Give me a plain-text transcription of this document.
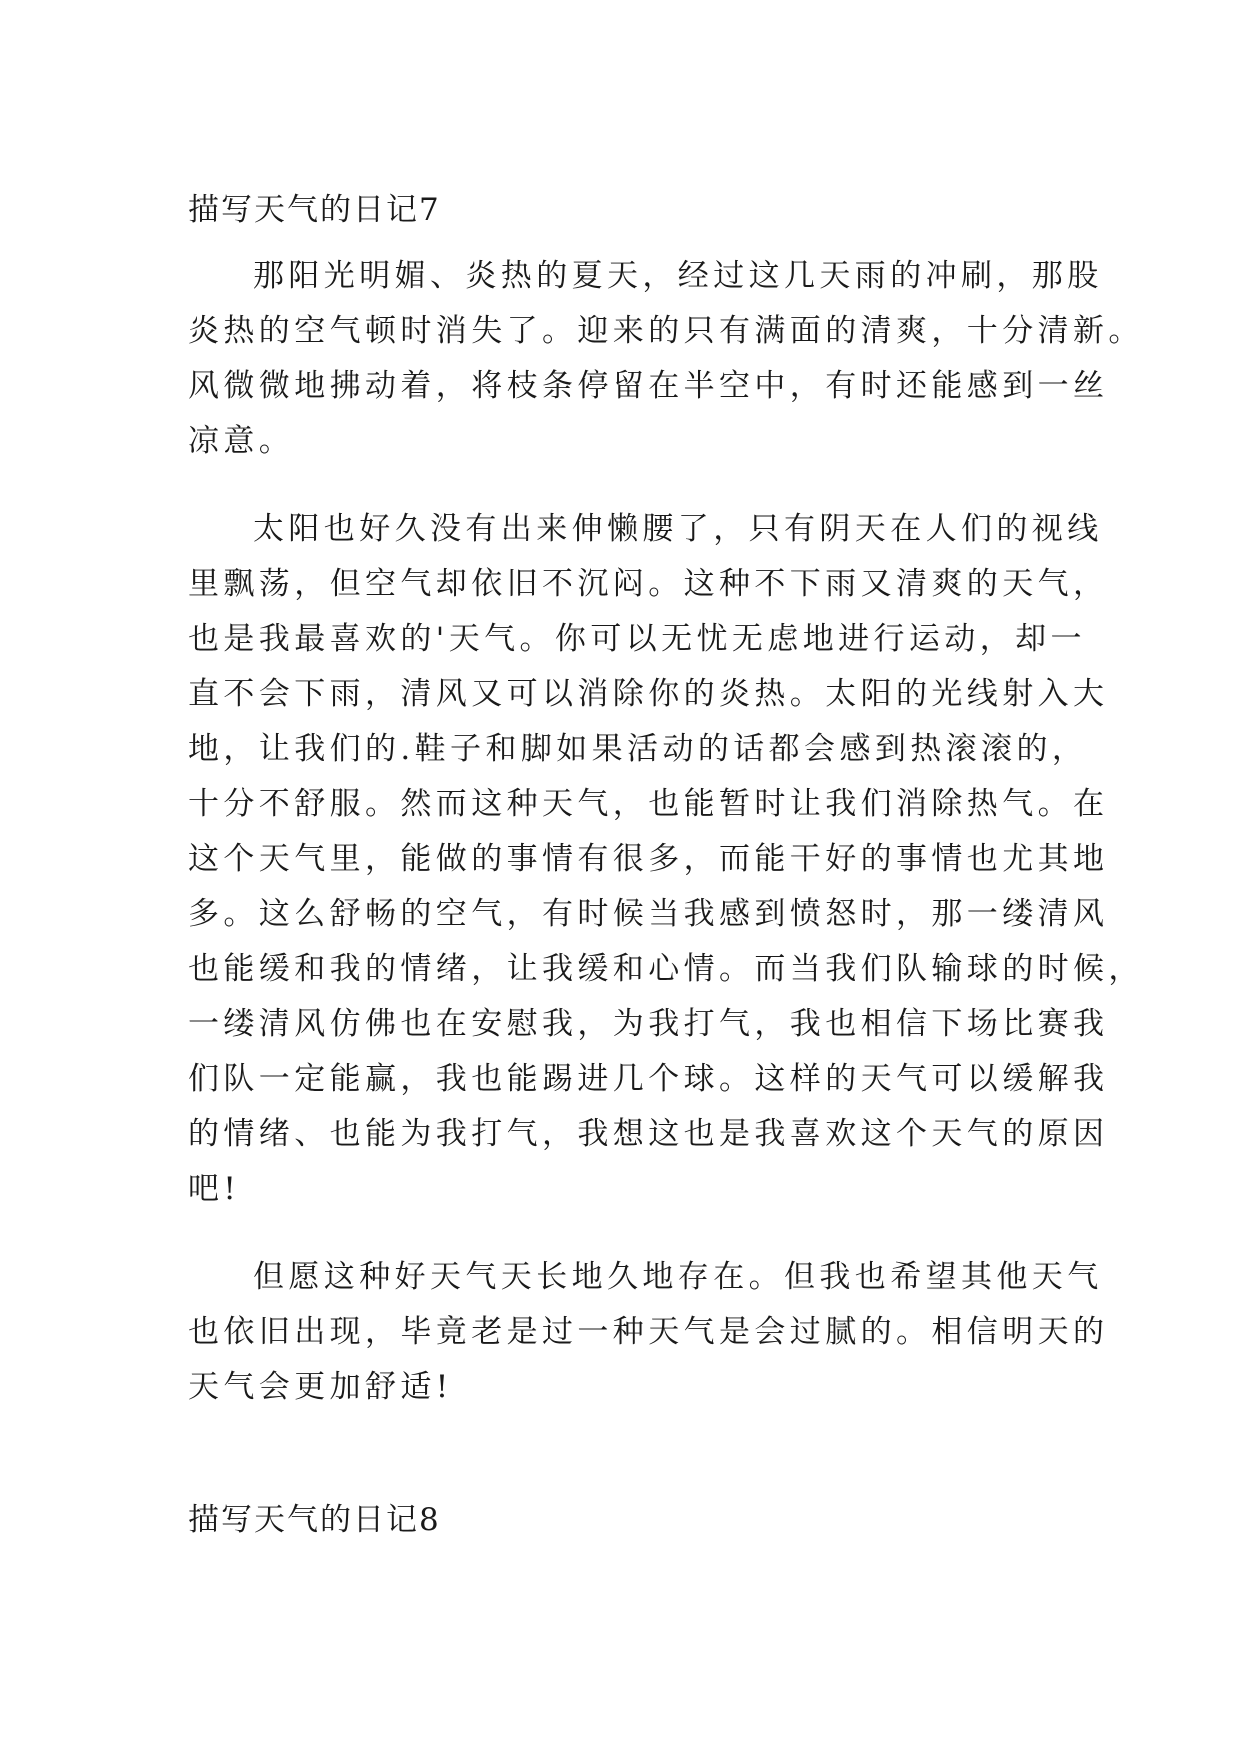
描写天气的日记7
那阳光明媚、炎热的夏天，经过这几天雨的冲刷，那股
炎热的空气顿时消失了。迎来的只有满面的清爽，十分清新。
风微微地拂动着，将枝条停留在半空中，有时还能感到一丝
凉意。
太阳也好久没有出来伸懒腰了，只有阴天在人们的视线
里飘荡，但空气却依旧不沉闷。这种不下雨又清爽的天气，
也是我最喜欢的'天气。你可以无忧无虑地进行运动，却一
直不会下雨，清风又可以消除你的炎热。太阳的光线射入大
地，让我们的.鞋子和脚如果活动的话都会感到热滚滚的，
十分不舒服。然而这种天气，也能暂时让我们消除热气。在
这个天气里，能做的事情有很多，而能干好的事情也尤其地
多。这么舒畅的空气，有时候当我感到愤怒时，那一缕清风
也能缓和我的情绪，让我缓和心情。而当我们队输球的时候，
一缕清风仿佛也在安慰我，为我打气，我也相信下场比赛我
们队一定能赢，我也能踢进几个球。这样的天气可以缓解我
的情绪、也能为我打气，我想这也是我喜欢这个天气的原因
吧!
但愿这种好天气天长地久地存在。但我也希望其他天气
也依旧出现，毕竟老是过一种天气是会过腻的。相信明天的
天气会更加舒适!
描写天气的日记8
